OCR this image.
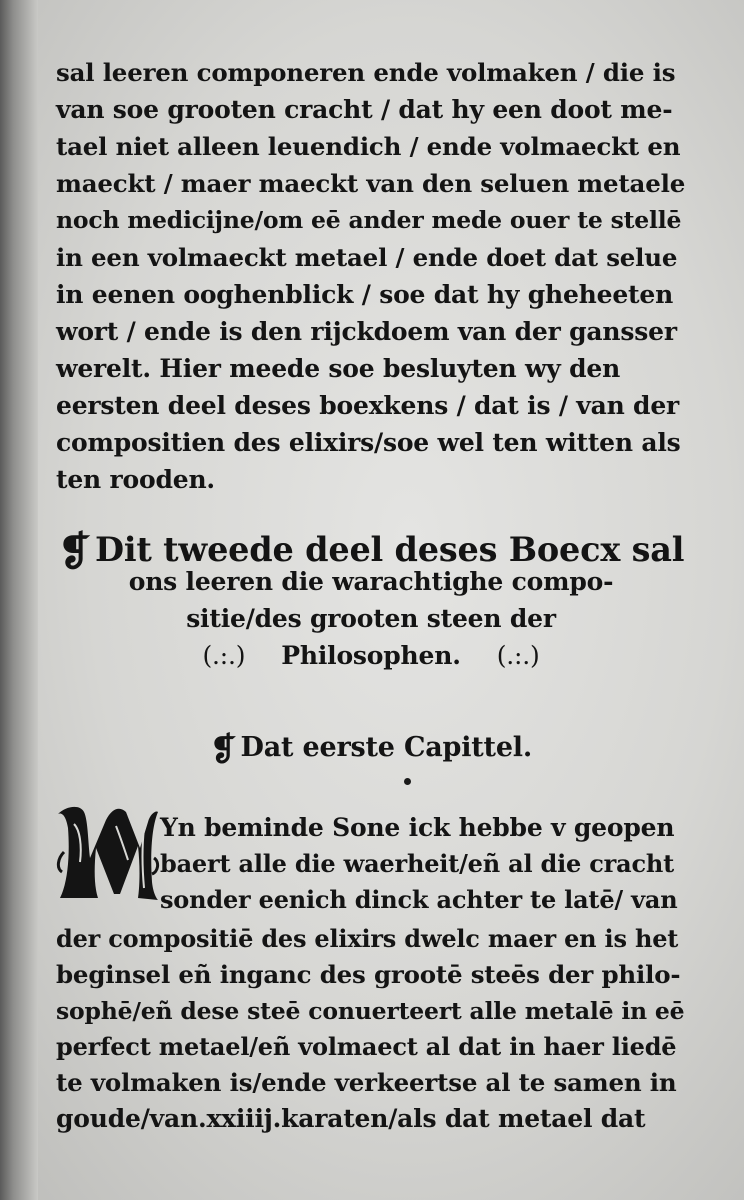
sal leeren componeren ende volmaken / die is
van soe grooten cracht / dat hy een doot me-
tael niet alleen leuendich / ende volmaeckt en
maeckt / maer maeckt van den seluen metaele
noch medicijne/om eē ander mede ouer te stellē
in een volmaeckt metael / ende doet dat selue
in eenen ooghenblick / soe dat hy gheheeten
wort / ende is den rijckdoem van der gansser
werelt. Hier meede soe besluyten wy den
eersten deel deses boexkens / dat is / van der
compositien des elixirs/soe wel ten witten als
ten rooden.
❡ Dit tweede deel deses Boecx sal
ons leeren die warachtighe compo-
sitie/des grooten steen der
(.:.) Philosophen. (.:.)
❡ Dat eerste Capittel.
M
Yn beminde Sone ick hebbe v geopen
baert alle die waerheit/eñ al die cracht
sonder eenich dinck achter te latē/ van
der compositiē des elixirs dwelc maer en is het
beginsel eñ inganc des grootē steēs der philo-
sophē/eñ dese steē conuerteert alle metalē in eē
perfect metael/eñ volmaect al dat in haer liedē
te volmaken is/ende verkeertse al te samen in
goude/van.xxiiij.karaten/als dat metael dat
